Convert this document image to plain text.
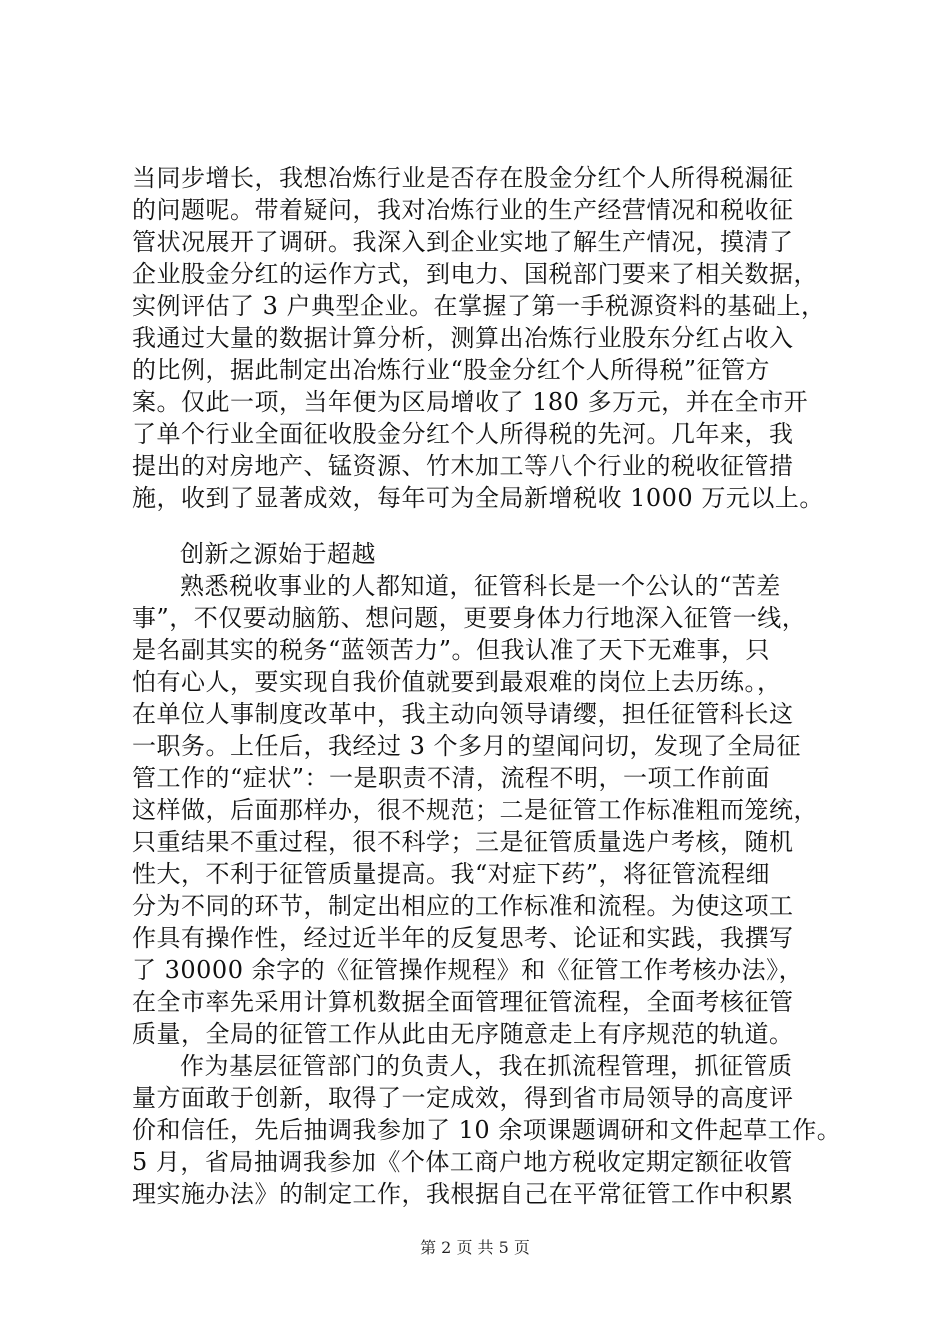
当同步增长，我想冶炼行业是否存在股金分红个人所得税漏征
的问题呢。带着疑问，我对冶炼行业的生产经营情况和税收征
管状况展开了调研。我深入到企业实地了解生产情况，摸清了
企业股金分红的运作方式，到电力、国税部门要来了相关数据，
实例评估了 3 户典型企业。在掌握了第一手税源资料的基础上，
我通过大量的数据计算分析，测算出冶炼行业股东分红占收入
的比例，据此制定出冶炼行业“股金分红个人所得税”征管方
案。仅此一项，当年便为区局增收了 180 多万元，并在全市开
了单个行业全面征收股金分红个人所得税的先河。几年来，我
提出的对房地产、锰资源、竹木加工等八个行业的税收征管措
施，收到了显著成效，每年可为全局新增税收 1000 万元以上。
创新之源始于超越
熟悉税收事业的人都知道，征管科长是一个公认的“苦差
事”，不仅要动脑筋、想问题，更要身体力行地深入征管一线，
是名副其实的税务“蓝领苦力”。但我认准了天下无难事，只
怕有心人，要实现自我价值就要到最艰难的岗位上去历练。，
在单位人事制度改革中，我主动向领导请缨，担任征管科长这
一职务。上任后，我经过 3 个多月的望闻问切，发现了全局征
管工作的“症状”：一是职责不清，流程不明，一项工作前面
这样做，后面那样办，很不规范；二是征管工作标准粗而笼统，
只重结果不重过程，很不科学；三是征管质量选户考核，随机
性大，不利于征管质量提高。我“对症下药”，将征管流程细
分为不同的环节，制定出相应的工作标准和流程。为使这项工
作具有操作性，经过近半年的反复思考、论证和实践，我撰写
了 30000 余字的《征管操作规程》和《征管工作考核办法》，
在全市率先采用计算机数据全面管理征管流程，全面考核征管
质量，全局的征管工作从此由无序随意走上有序规范的轨道。
作为基层征管部门的负责人，我在抓流程管理，抓征管质
量方面敢于创新，取得了一定成效，得到省市局领导的高度评
价和信任，先后抽调我参加了 10 余项课题调研和文件起草工作。
5 月，省局抽调我参加《个体工商户地方税收定期定额征收管
理实施办法》的制定工作，我根据自己在平常征管工作中积累
第 2 页 共 5 页
